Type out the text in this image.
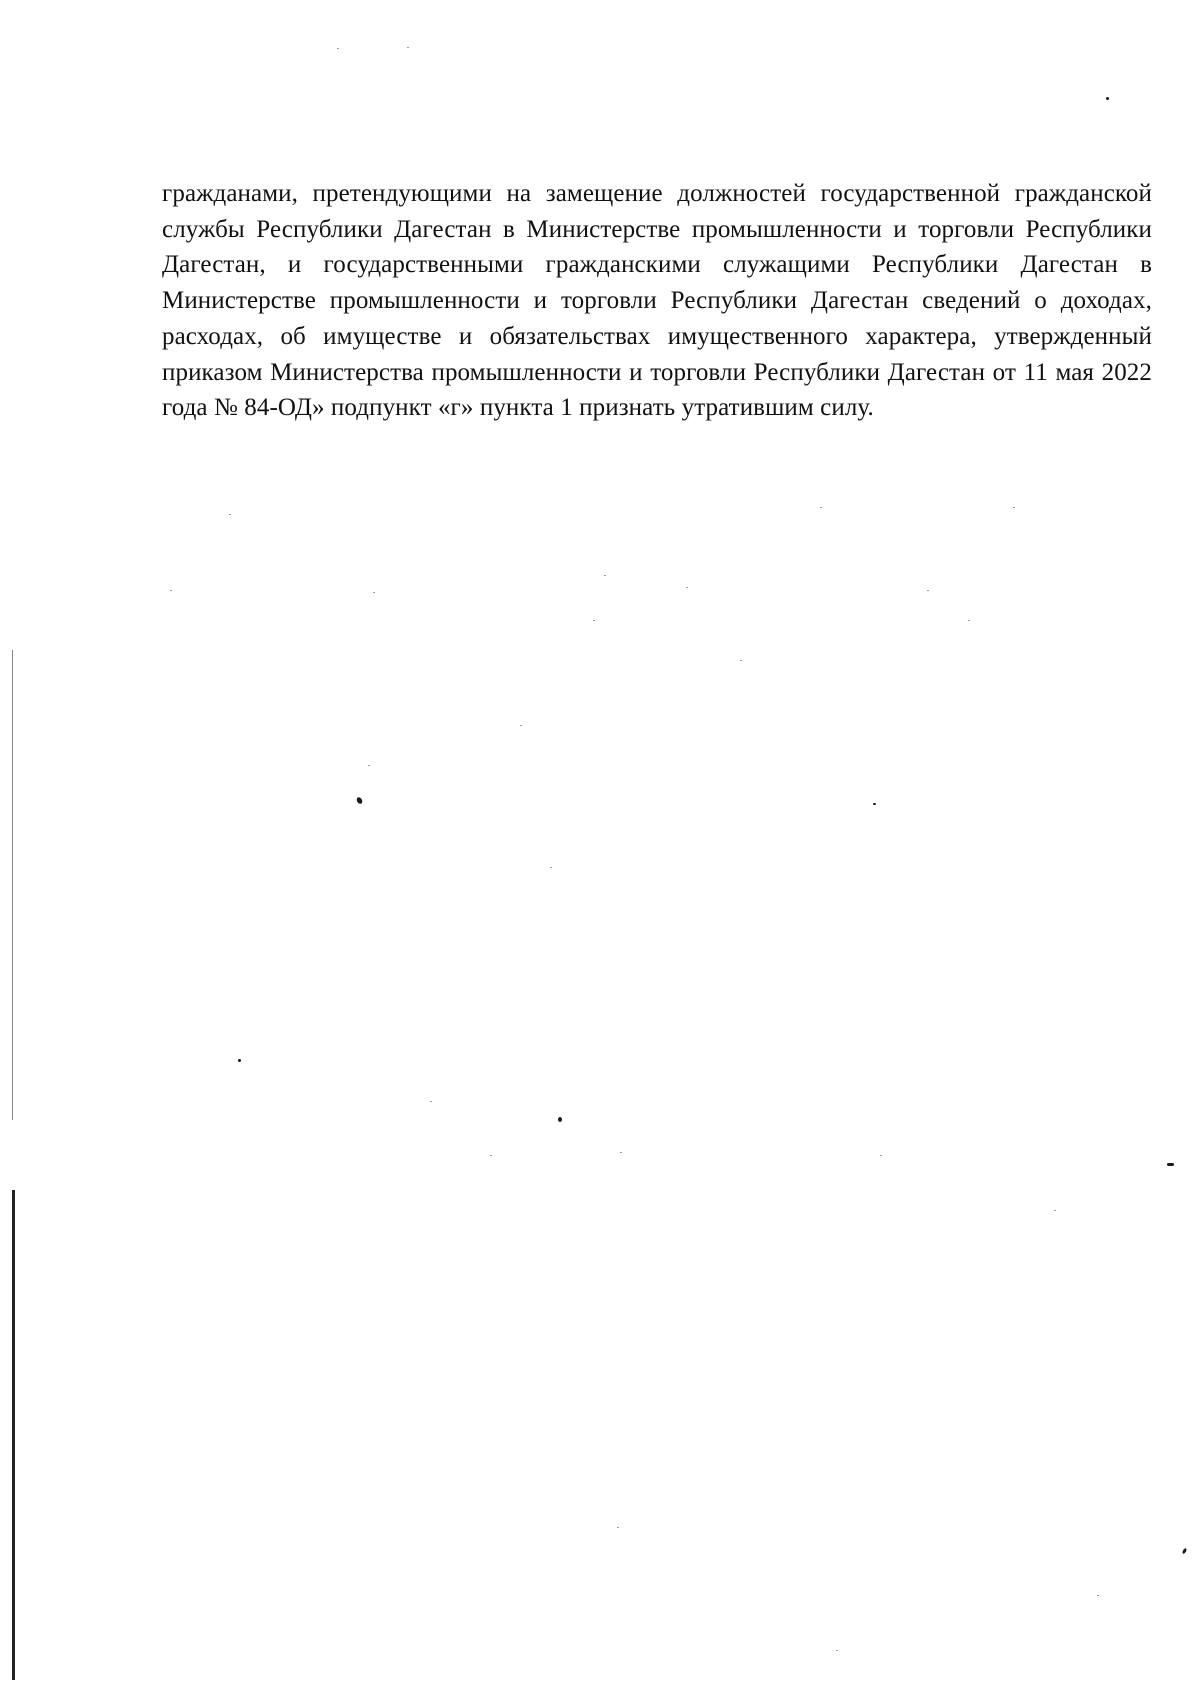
гражданами, претендующими на замещение должностей государственной гражданской службы Республики Дагестан в Министерстве промышленности и торговли Республики Дагестан, и государственными гражданскими служащими Республики Дагестан в Министерстве промышленности и торговли Республики Дагестан сведений о доходах, расходах, об имуществе и обязательствах имущественного характера, утвержденный приказом Министерства промышленности и торговли Республики Дагестан от 11 мая 2022 года № 84-ОД» подпункт «г» пункта 1 признать утратившим силу.
